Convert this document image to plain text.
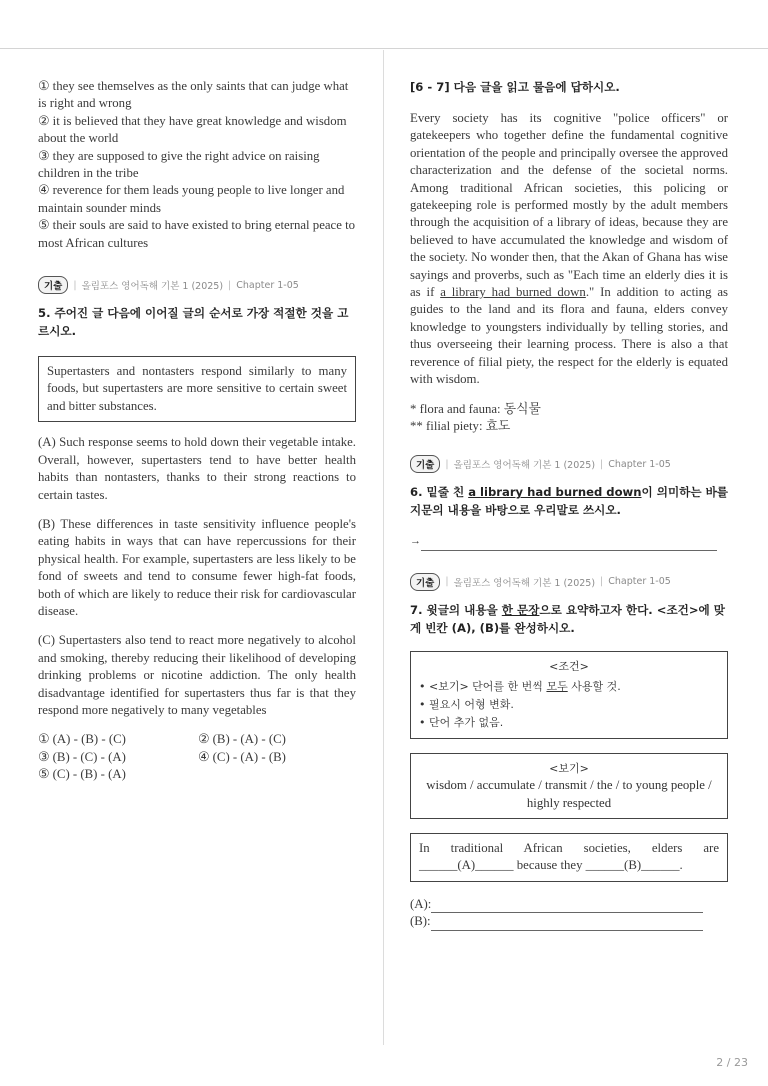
① they see themselves as the only saints that can judge what is right and wrong

② it is believed that they have great knowledge and wisdom about the world

③ they are supposed to give the right advice on raising children in the tribe

④ reverence for them leads young people to live longer and maintain sounder minds

⑤ their souls are said to have existed to bring eternal peace to most African cultures

기출	| 올림포스 영어독해 기본 1 (2025) | Chapter 1-05
5. 주어진 글 다음에 이어질 글의 순서로 가장 적절한 것을 고르시오.
Supertasters and nontasters respond similarly to many foods, but supertasters are more sensitive to certain sweet and bitter substances.

(A) Such response seems to hold down their vegetable intake. Overall, however, supertasters tend to have better health habits than nontasters, thanks to their strong reactions to certain tastes.

(B) These differences in taste sensitivity influence people's eating habits in ways that can have repercussions for their physical health. For example, supertasters are less likely to be fond of sweets and tend to consume fewer high-fat foods, both of which are likely to reduce their risk for cardiovascular disease.

(C) Supertasters also tend to react more negatively to alcohol and smoking, thereby reducing their likelihood of developing drinking problems or nicotine addiction. The only health disadvantage identified for supertasters thus far is that they respond more negatively to many vegetables

① (A) - (B) - (C)	② (B) - (A) - (C)
③ (B) - (C) - (A)	④ (C) - (A) - (B)
⑤ (C) - (B) - (A)
[6 - 7] 다음 글을 읽고 물음에 답하시오.

Every society has its cognitive "police officers" or gatekeepers who together define the fundamental cognitive orientation of the people and principally oversee the approved characterization and the defense of the societal norms. Among traditional African societies, this policing or gatekeeping role is performed mostly by the adult members through the acquisition of a library of ideas, because they are believed to have accumulated the knowledge and wisdom of the society. No wonder then, that the Akan of Ghana has wise sayings and proverbs, such as "Each time an elderly dies it is as if a library had burned down." In addition to acting as guides to the land and its flora and fauna, elders convey knowledge to youngsters individually by telling stories, and thus overseeing their learning process. There is also a that reverence of filial piety, the respect for the elderly is equated with wisdom.

* flora and fauna: 동식물
** filial piety: 효도
기출	| 올림포스 영어독해 기본 1 (2025) | Chapter 1-05
6. 밑줄 친 a library had burned down이 의미하는 바를 지문의 내용을 바탕으로 우리말로 쓰시오.
→
기출	| 올림포스 영어독해 기본 1 (2025) | Chapter 1-05
7. 윗글의 내용을 한 문장으로 요약하고자 한다. <조건>에 맞게 빈칸 (A), (B)를 완성하시오.
<조건>
• <보기> 단어를 한 번씩 모두 사용할 것.
• 필요시 어형 변화.
• 단어 추가 없음.
<보기>
wisdom / accumulate / transmit / the / to young people / highly respected
In traditional African societies, elders are
______(A)______ because they ______(B)______.
(A):
(B):
2 / 23
